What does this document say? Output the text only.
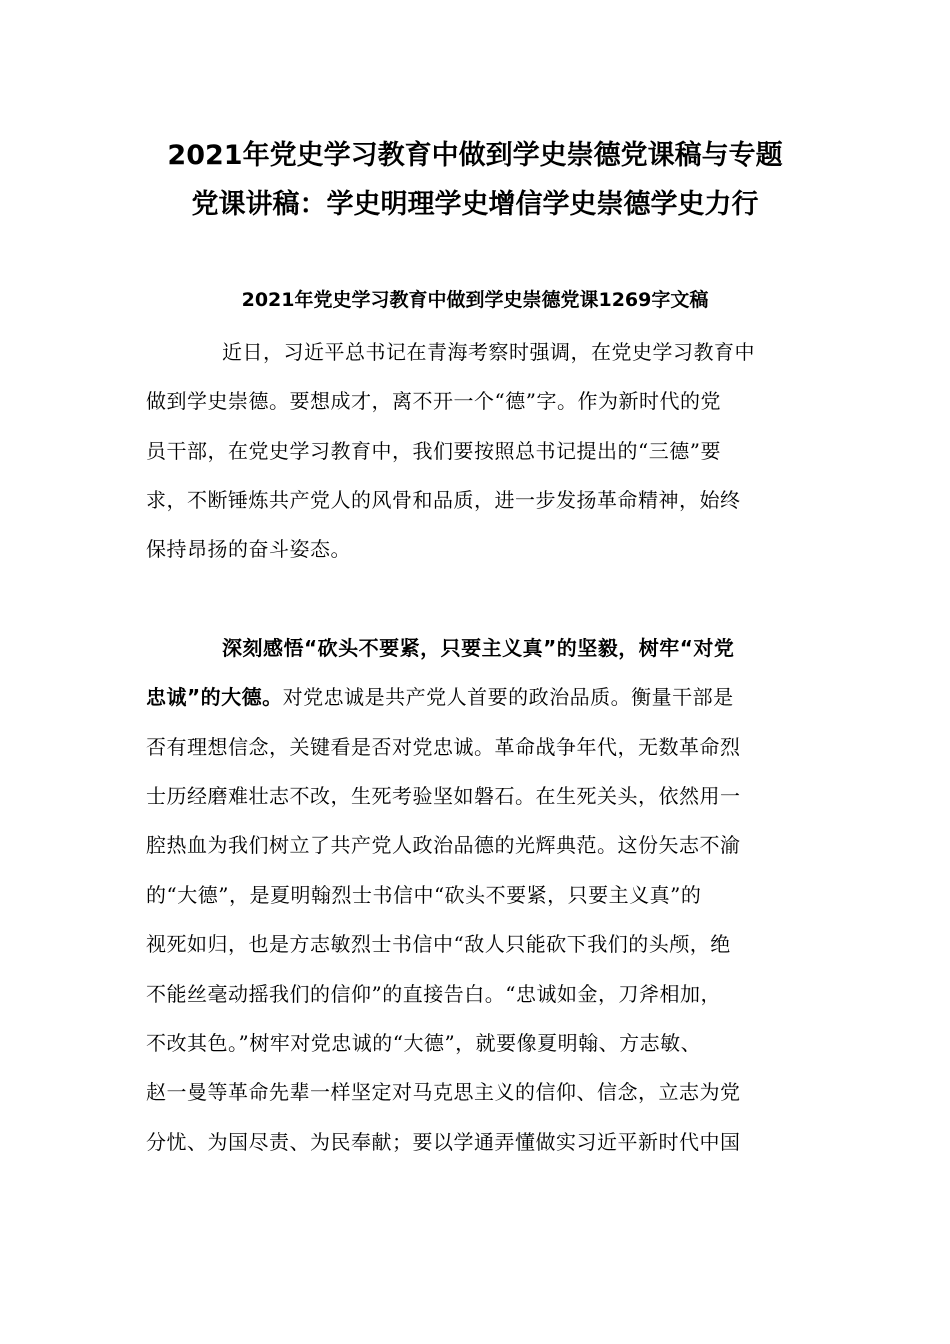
2021年党史学习教育中做到学史崇德党课稿与专题
党课讲稿：学史明理学史增信学史崇德学史力行
2021年党史学习教育中做到学史崇德党课1269字文稿

近日，习近平总书记在青海考察时强调，在党史学习教育中

做到学史崇德。要想成才，离不开一个“德”字。作为新时代的党

员干部，在党史学习教育中，我们要按照总书记提出的“三德”要

求，不断锤炼共产党人的风骨和品质，进一步发扬革命精神，始终

保持昂扬的奋斗姿态。

深刻感悟“砍头不要紧，只要主义真”的坚毅，树牢“对党

忠诚”的大德。对党忠诚是共产党人首要的政治品质。衡量干部是

否有理想信念，关键看是否对党忠诚。革命战争年代，无数革命烈

士历经磨难壮志不改，生死考验坚如磐石。在生死关头，依然用一

腔热血为我们树立了共产党人政治品德的光辉典范。这份矢志不渝

的“大德”，是夏明翰烈士书信中“砍头不要紧，只要主义真”的

视死如归，也是方志敏烈士书信中“敌人只能砍下我们的头颅，绝

不能丝毫动摇我们的信仰”的直接告白。“忠诚如金，刀斧相加，

不改其色。”树牢对党忠诚的“大德”，就要像夏明翰、方志敏、

赵一曼等革命先辈一样坚定对马克思主义的信仰、信念，立志为党

分忧、为国尽责、为民奉献；要以学通弄懂做实习近平新时代中国
